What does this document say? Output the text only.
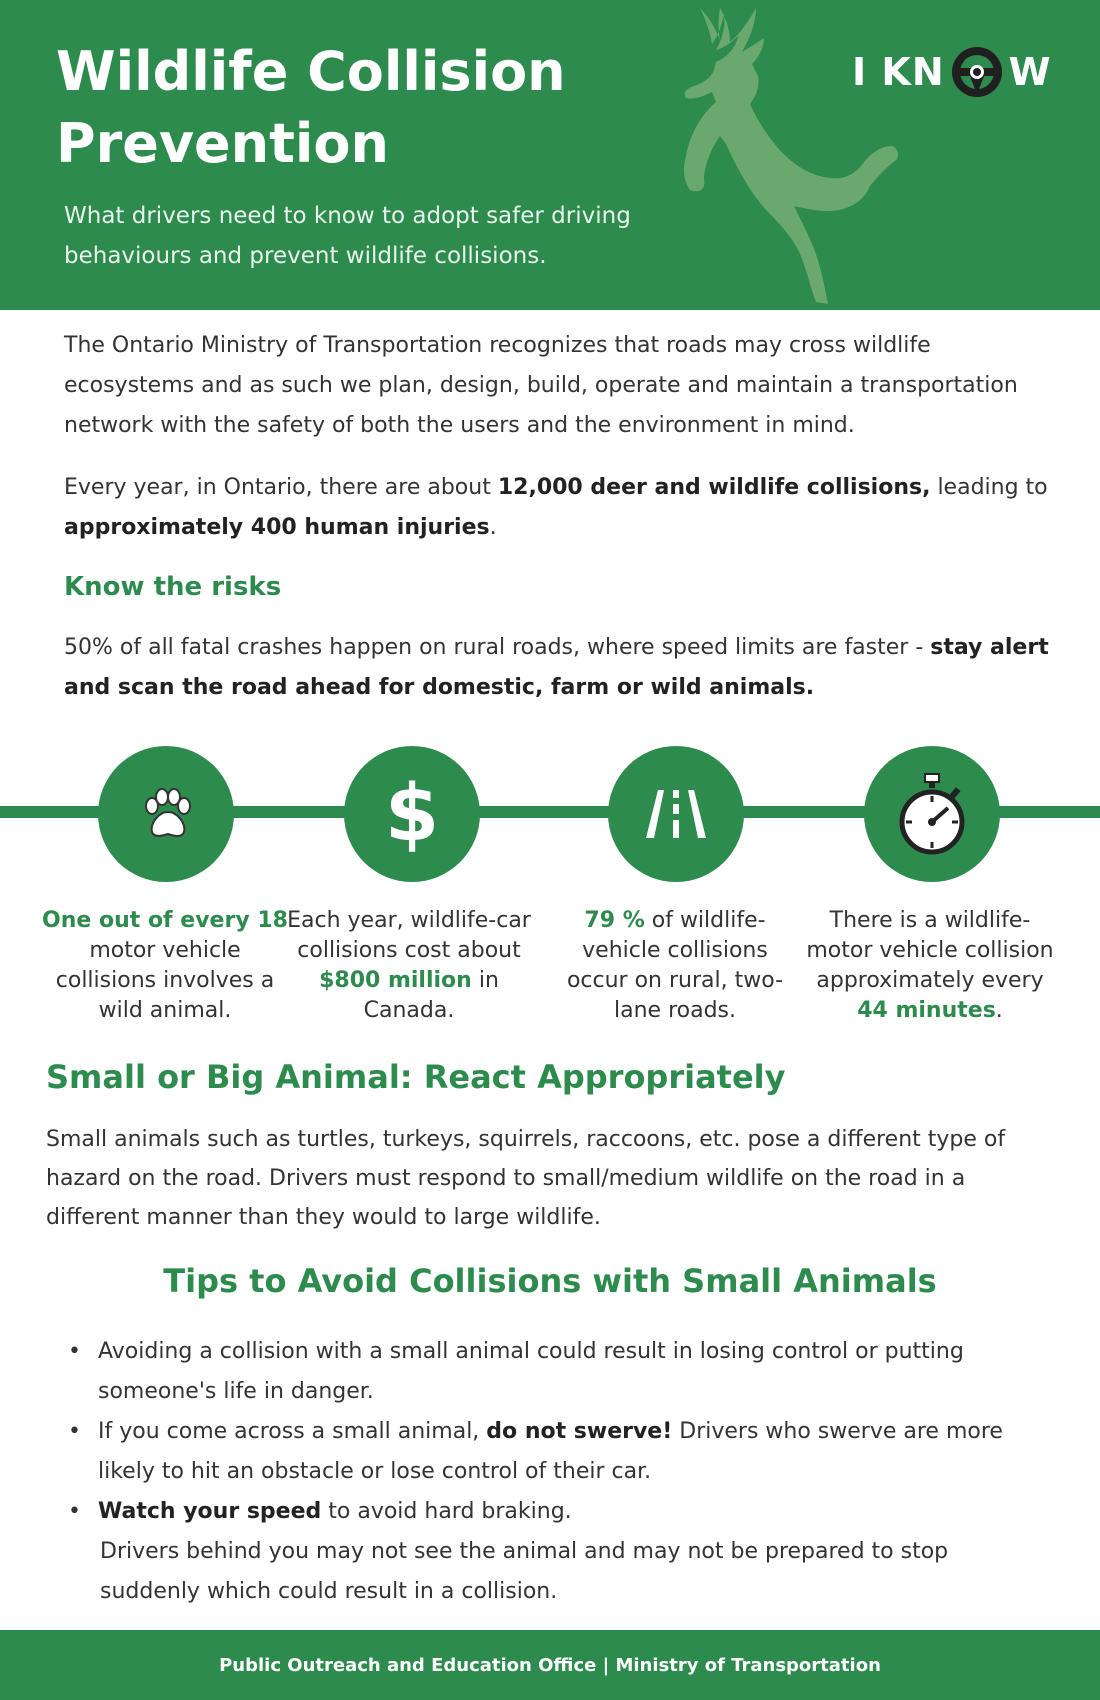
Wildlife Collision
Prevention
What drivers need to know to adopt safer driving behaviours and prevent wildlife collisions.
I KN W

The Ontario Ministry of Transportation recognizes that roads may cross wildlife ecosystems and as such we plan, design, build, operate and maintain a transportation network with the safety of both the users and the environment in mind.

Every year, in Ontario, there are about 12,000 deer and wildlife collisions, leading to approximately 400 human injuries.

Know the risks

50% of all fatal crashes happen on rural roads, where speed limits are faster - stay alert and scan the road ahead for domestic, farm or wild animals.

$
One out of every 18 motor vehicle collisions involves a wild animal.
Each year, wildlife-car collisions cost about $800 million in Canada.
79 % of wildlife-vehicle collisions occur on rural, two-lane roads.
There is a wildlife-motor vehicle collision approximately every 44 minutes.
Small or Big Animal: React Appropriately

Small animals such as turtles, turkeys, squirrels, raccoons, etc. pose a different type of hazard on the road. Drivers must respond to small/medium wildlife on the road in a different manner than they would to large wildlife.

Tips to Avoid Collisions with Small Animals
• Avoiding a collision with a small animal could result in losing control or putting someone's life in danger.
• If you come across a small animal, do not swerve! Drivers who swerve are more likely to hit an obstacle or lose control of their car.
• Watch your speed to avoid hard braking.
Drivers behind you may not see the animal and may not be prepared to stop suddenly which could result in a collision.
Public Outreach and Education Office | Ministry of Transportation
